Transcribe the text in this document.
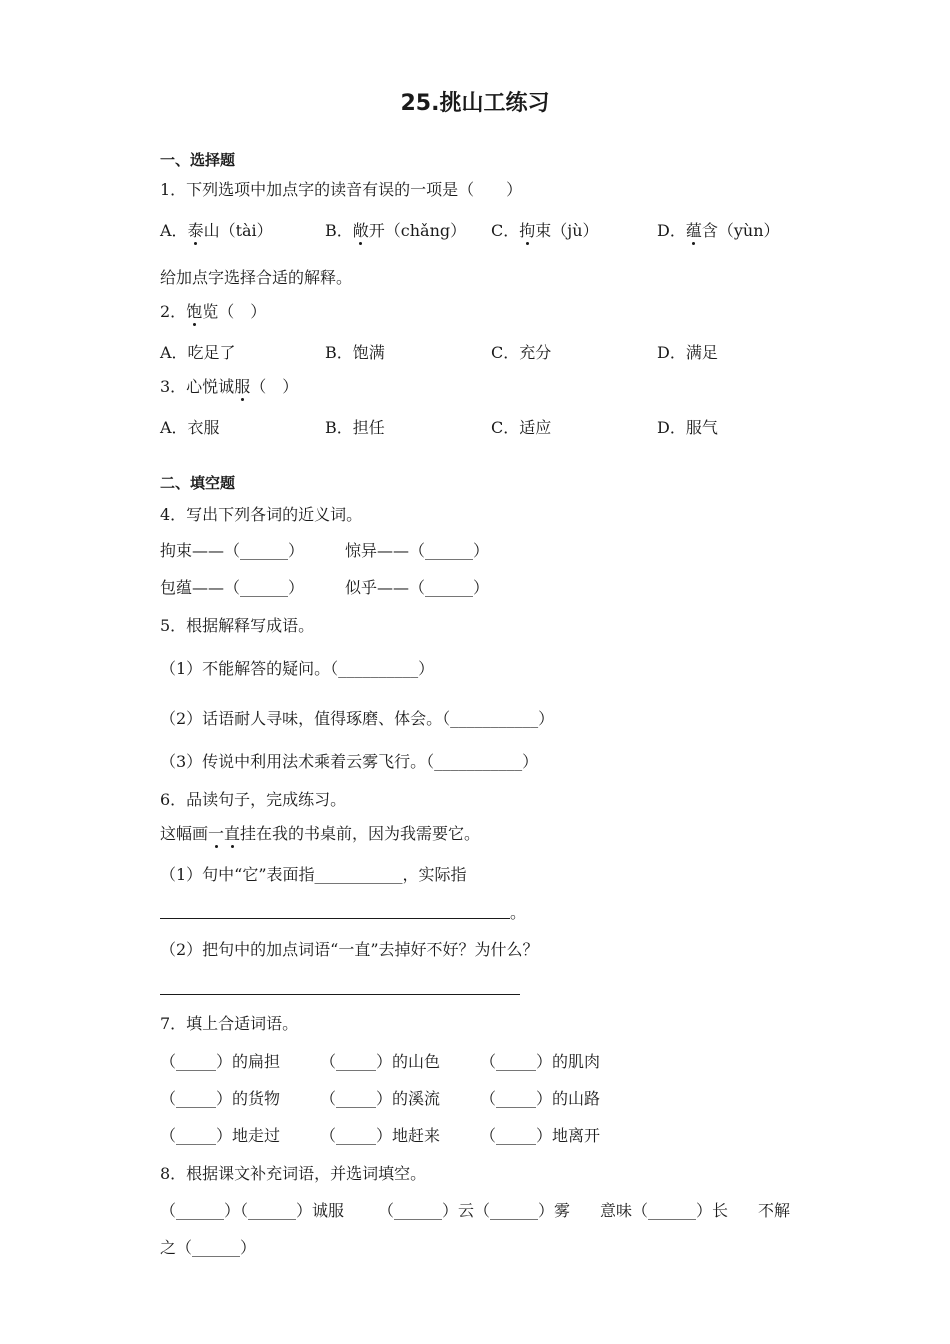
25.挑山工练习
一、选择题
1．下列选项中加点字的读音有误的一项是（　　）
A．泰山（tài）	B．敞开（chǎng） C．拘束（jù）	D．蕴含（yùn）
给加点字选择合适的解释。
2．饱览（　）
A．吃足了	B．饱满	C．充分	D．满足
3．心悦诚服（　）
A．衣服	B．担任	C．适应	D．服气
二、填空题
4．写出下列各词的近义词。
拘束——（______）	惊异——（______）
包蕴——（______）	似乎——（______）
5．根据解释写成语。
（1）不能解答的疑问。（__________）
（2）话语耐人寻味，值得琢磨、体会。（___________）
（3）传说中利用法术乘着云雾飞行。（___________）
6．品读句子，完成练习。
这幅画一直挂在我的书桌前，因为我需要它。
（1）句中“它”表面指___________，实际指
。
（2）把句中的加点词语“一直”去掉好不好？为什么？
7．填上合适词语。
（_____）的扁担 （_____）的山色 （_____）的肌肉
（_____）的货物 （_____）的溪流 （_____）的山路
（_____）地走过 （_____）地赶来 （_____）地离开
8．根据课文补充词语，并选词填空。
（______）（______）诚服 （______）云（______）雾 意味（______）长 不解
之（______）
